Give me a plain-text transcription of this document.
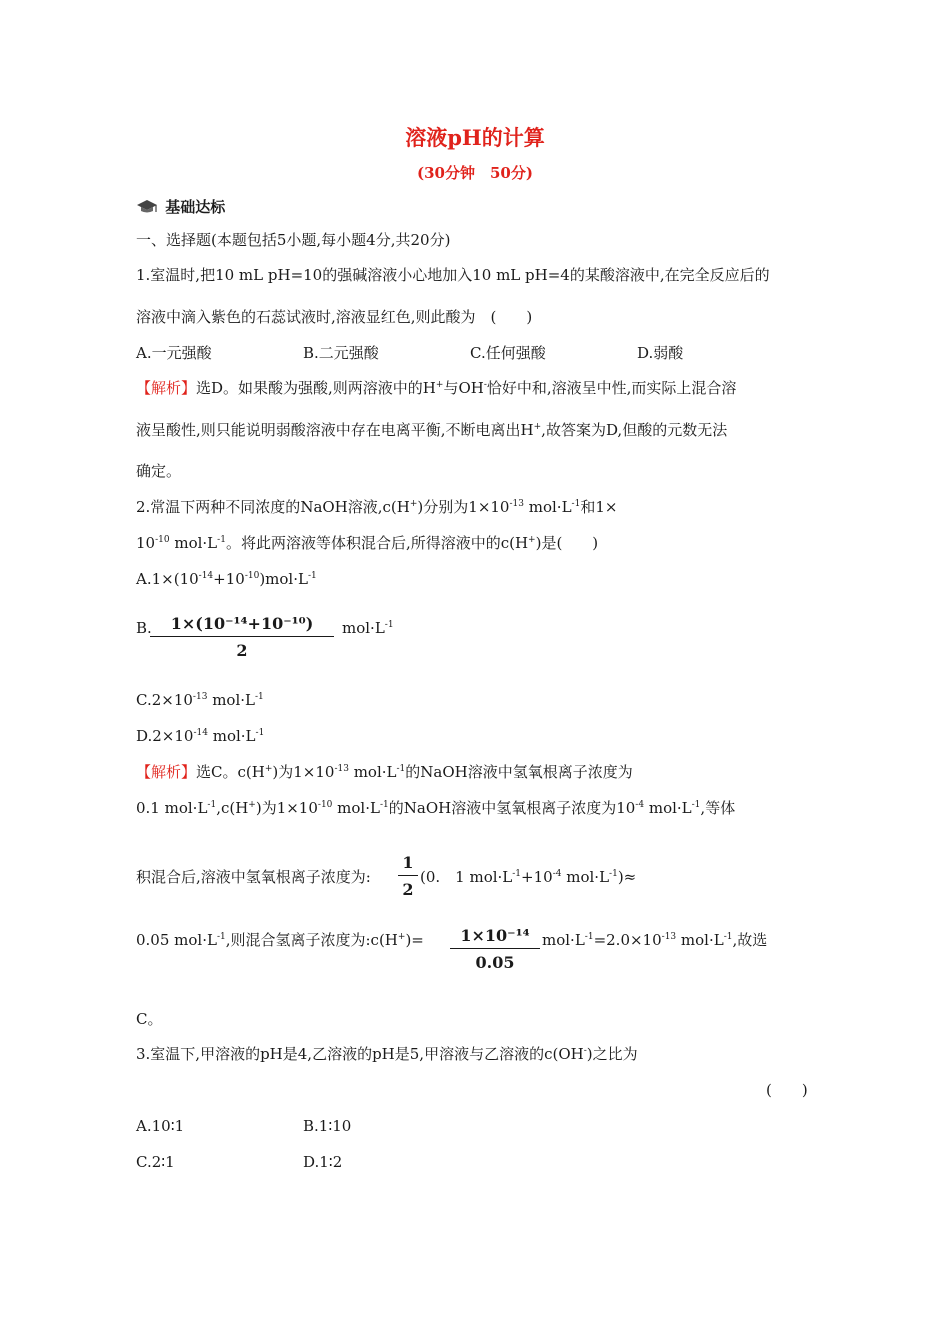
溶液pH的计算
(30分钟　50分)
基础达标
一、选择题(本题包括5小题,每小题4分,共20分)
1.室温时,把10 mL pH=10的强碱溶液小心地加入10 mL pH=4的某酸溶液中,在完全反应后的
溶液中滴入紫色的石蕊试液时,溶液显红色,则此酸为　(　　)
A.一元强酸	B.二元强酸	C.任何强酸	D.弱酸
【解析】选D。如果酸为强酸,则两溶液中的H+与OH-恰好中和,溶液呈中性,而实际上混合溶
液呈酸性,则只能说明弱酸溶液中存在电离平衡,不断电离出H+,故答案为D,但酸的元数无法
确定。
2.常温下两种不同浓度的NaOH溶液,c(H+)分别为$1\times 10^{-13}$ $mol\cdot L^{-1}$和1×
$10^{-10}$ $mol\cdot L^{-1}$。将此两溶液等体积混合后,所得溶液中的c(H+)是(　　)
$A.1\times(10^{-14}+10^{-10})mol\cdot L^{-1}$
B.
$\frac{\text{1×(10⁻¹⁴+10⁻¹⁰)}}{2} mol\cdot L^{-1}$
$C.2\times 10^{-13}$ $mol\cdot L^{-1}$
$D.2\times 10^{-14}$ $mol\cdot L^{-1}$
【解析】选C。c(H+)为$1\times 10^{-13}$ $mol\cdot L^{-1}$的NaOH溶液中氢氧根离子浓度为
0.1 $mol\cdot L^{-1},c(H^+)$为$1\times 10^{-10}$ $mol\cdot L^{-1}$的NaOH溶液中氢氧根离子浓度为$10^{-4}$ $mol\cdot L^{-1}$,等体
积混合后,溶液中氢氧根离子浓度为: $\frac{1}{2} (0$.　1 $mol\cdot L^{-1}+10^{-4}$ $mol\cdot L^{-1})\approx$
0.05 $mol\cdot L^{-1}$,则混合氢离子浓度为:c(H+)= $\frac{\text{1×10⁻¹⁴}}{0.05} mol\cdot L^{-1}=2.0\times 10^{-13}$ $mol\cdot L^{-1}$,故选
C。
3.室温下,甲溶液的pH是4,乙溶液的pH是5,甲溶液与乙溶液的c(OH-)之比为
(　　)
A.10∶1	B.1∶10
C.2∶1	D.1∶2
